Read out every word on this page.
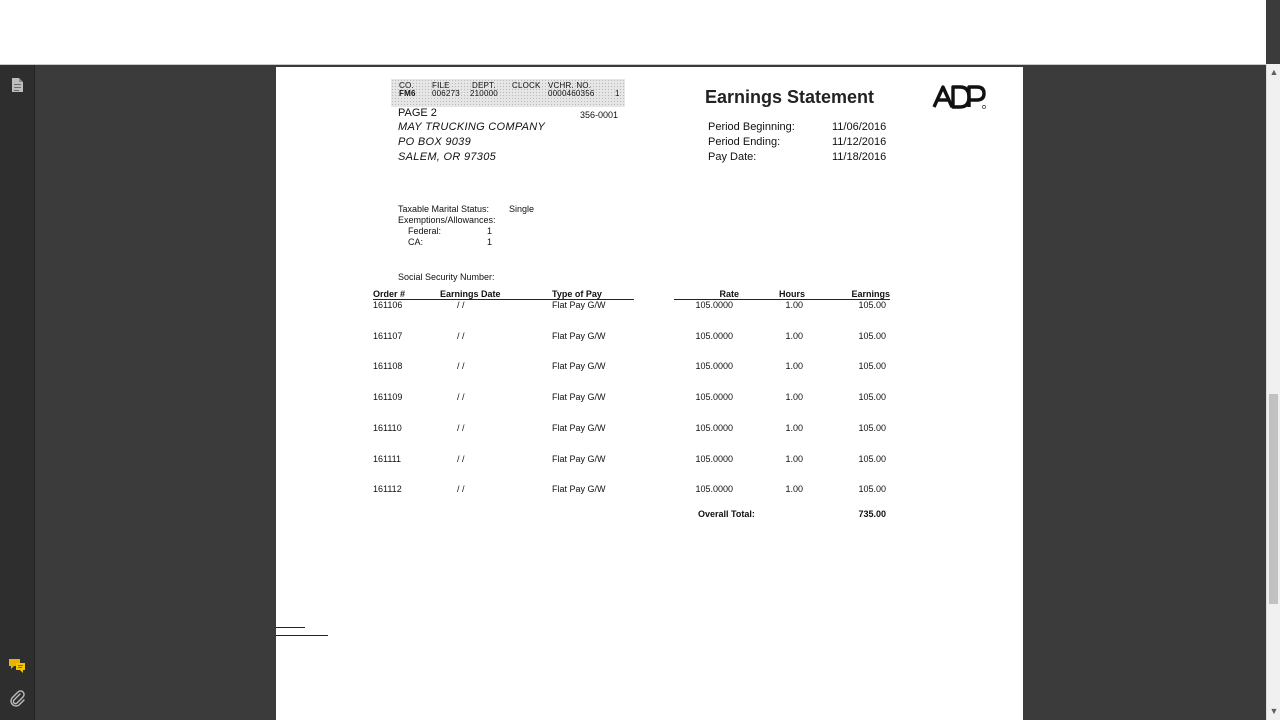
▲
▼
CO. FILE	DEPT. CLOCK VCHR. NO.
FM6 006273 210000	0000460356	1
PAGE 2	356-0001
MAY TRUCKING COMPANY
PO BOX 9039
SALEM, OR 97305
Earnings Statement
Period Beginning:	11/06/2016
Period Ending:	11/12/2016
Pay Date:	11/18/2016
Taxable Marital Status: Single
Exemptions/Allowances:
Federal:	1
CA:	1
Social Security Number:
Order #	Earnings Date	Type of Pay	Rate	Hours	Earnings
161106	/ /	Flat Pay G/W	105.0000	1.00	105.00
161107	/ /	Flat Pay G/W	105.0000	1.00	105.00
161108	/ /	Flat Pay G/W	105.0000	1.00	105.00
161109	/ /	Flat Pay G/W	105.0000	1.00	105.00
161110	/ /	Flat Pay G/W	105.0000	1.00	105.00
161111	/ /	Flat Pay G/W	105.0000	1.00	105.00
161112	/ /	Flat Pay G/W	105.0000	1.00	105.00
Overall Total:	735.00
